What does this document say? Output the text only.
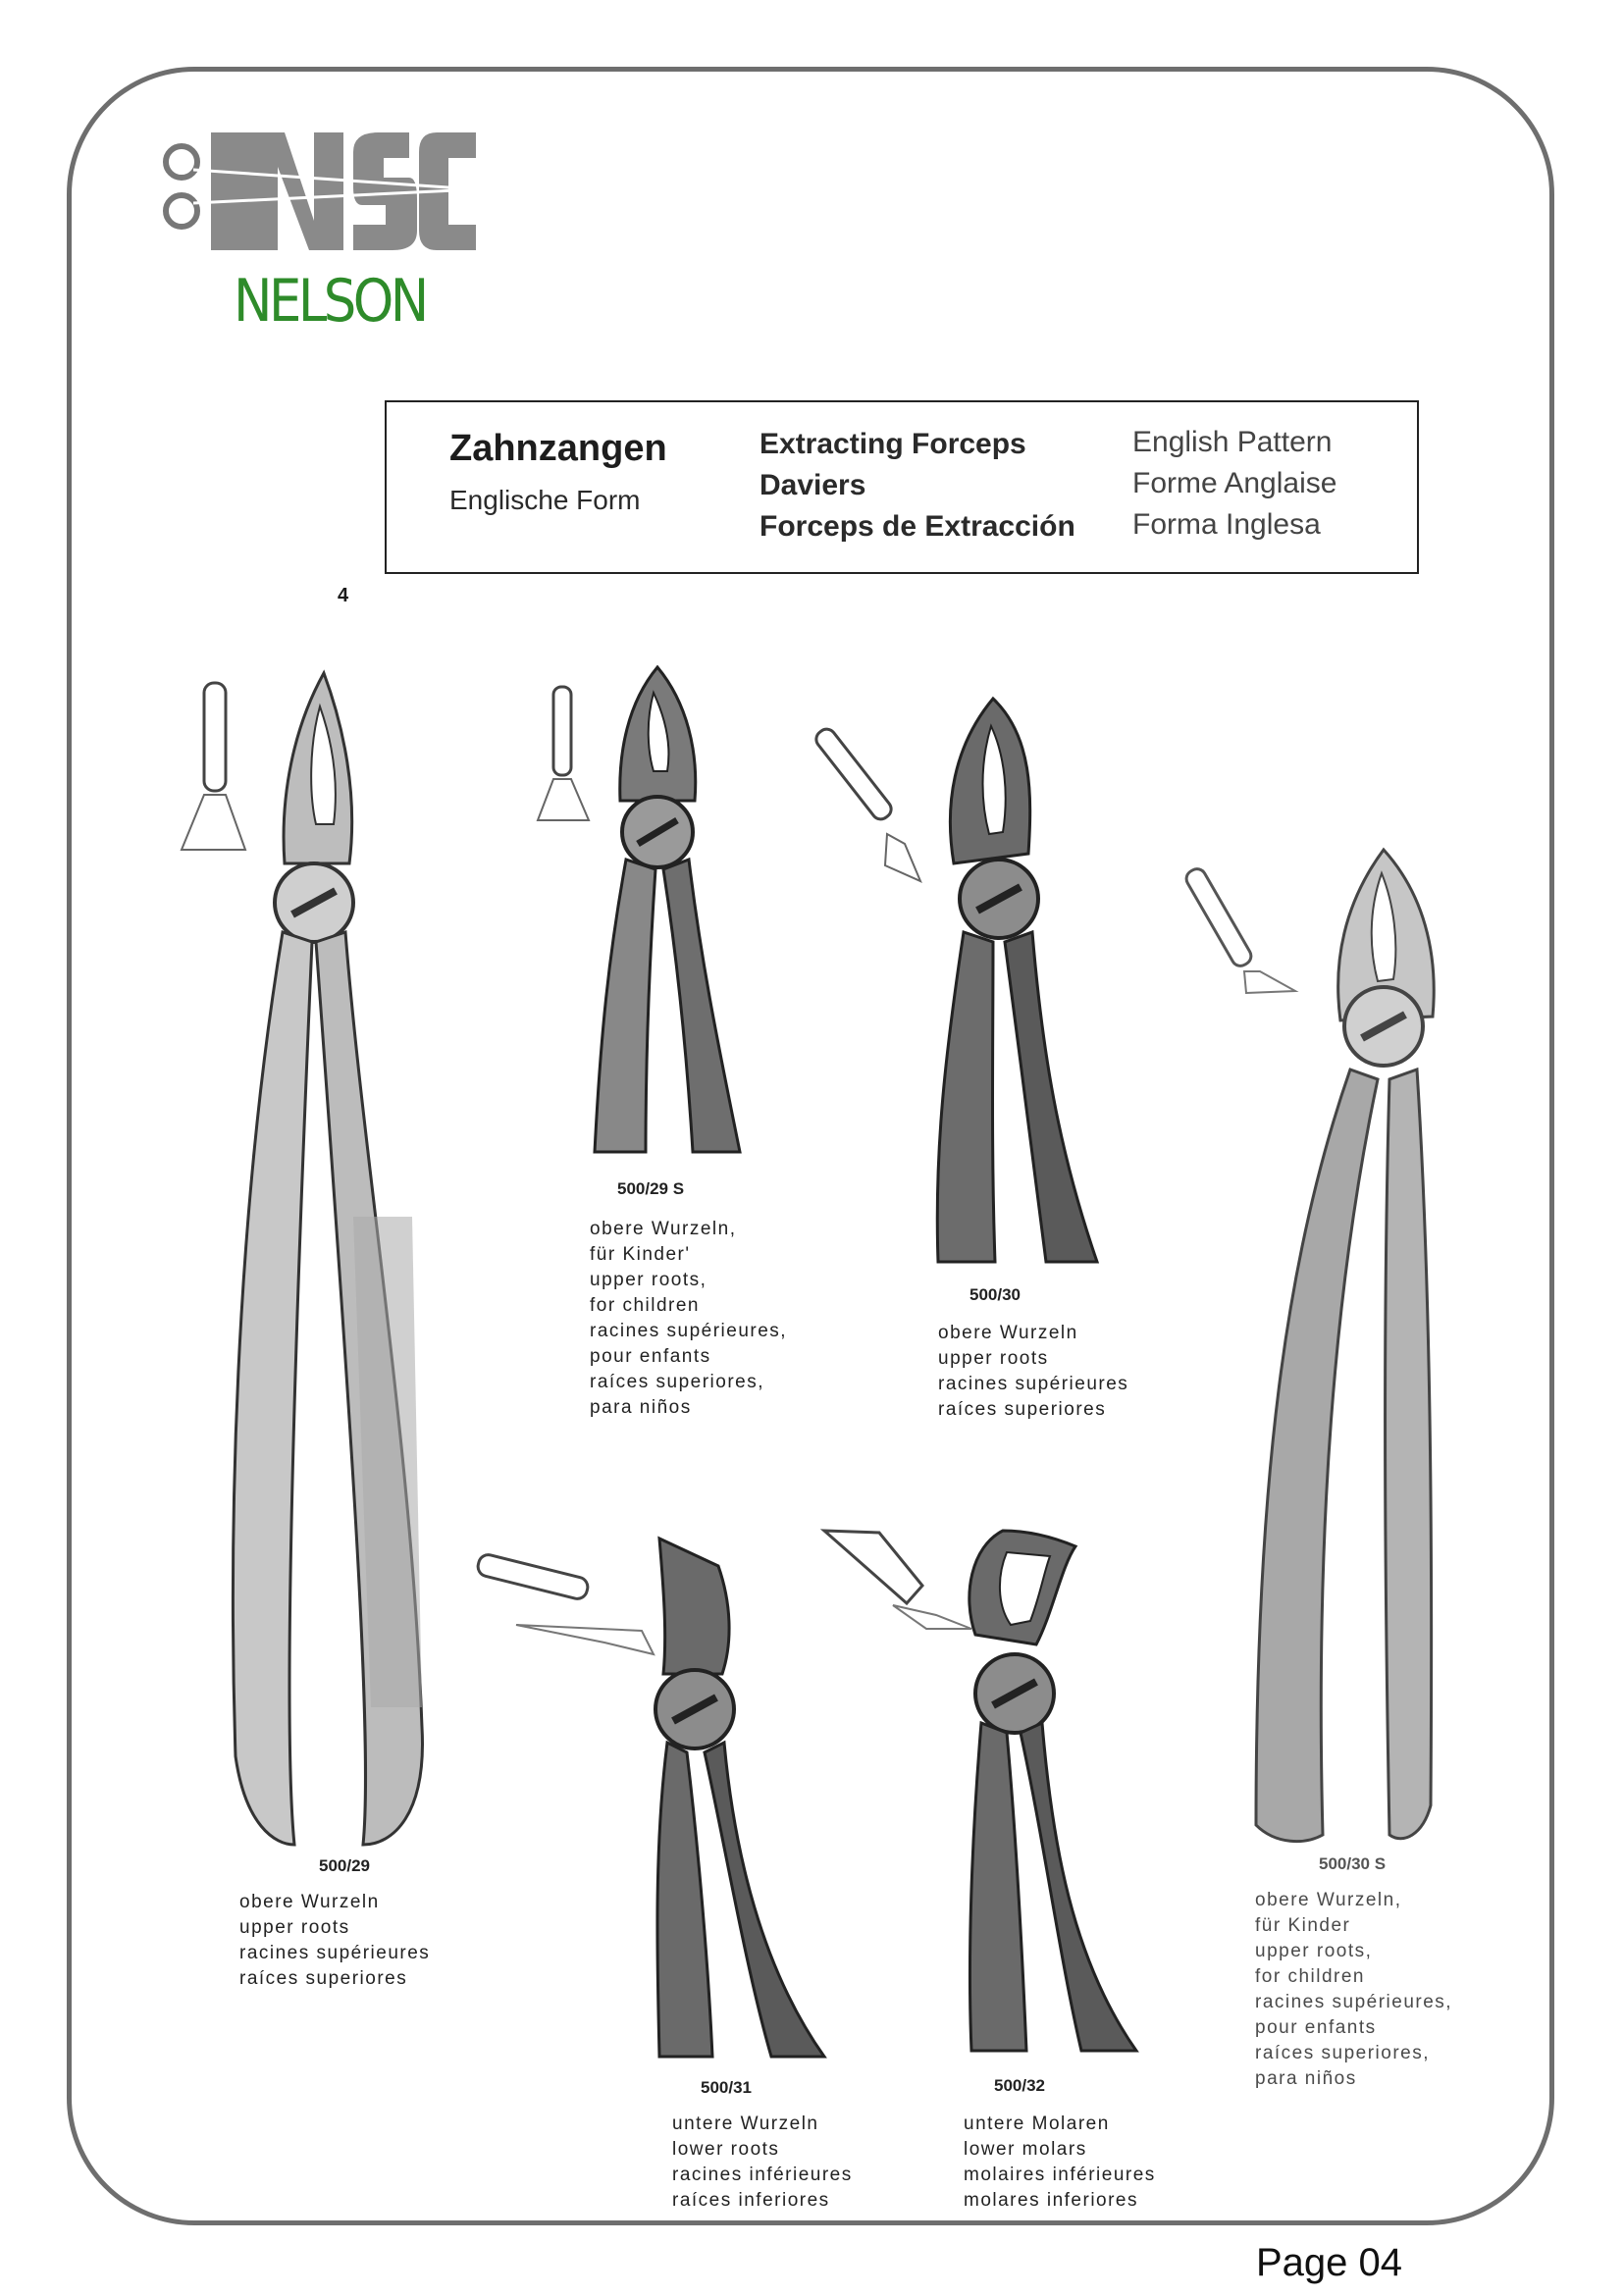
NELSON
Zahnzangen
Englische Form
Extracting Forceps
Daviers
Forceps de Extracción
English Pattern
Forme Anglaise
Forma Inglesa
4
500/29
500/29 S
500/30
500/30 S
500/31	500/32
obere Wurzeln
upper roots
racines supérieures
raíces superiores
obere Wurzeln,
für Kinder'
upper roots,
for children
racines supérieures,
pour enfants
raíces superiores,
para niños
obere Wurzeln
upper roots
racines supérieures
raíces superiores
obere Wurzeln,
für Kinder
upper roots,
for children
racines supérieures,
pour enfants
raíces superiores,
para niños
untere Wurzeln
lower roots
racines inférieures
raíces inferiores
untere Molaren
lower molars
molaires inférieures
molares inferiores
Page 04
